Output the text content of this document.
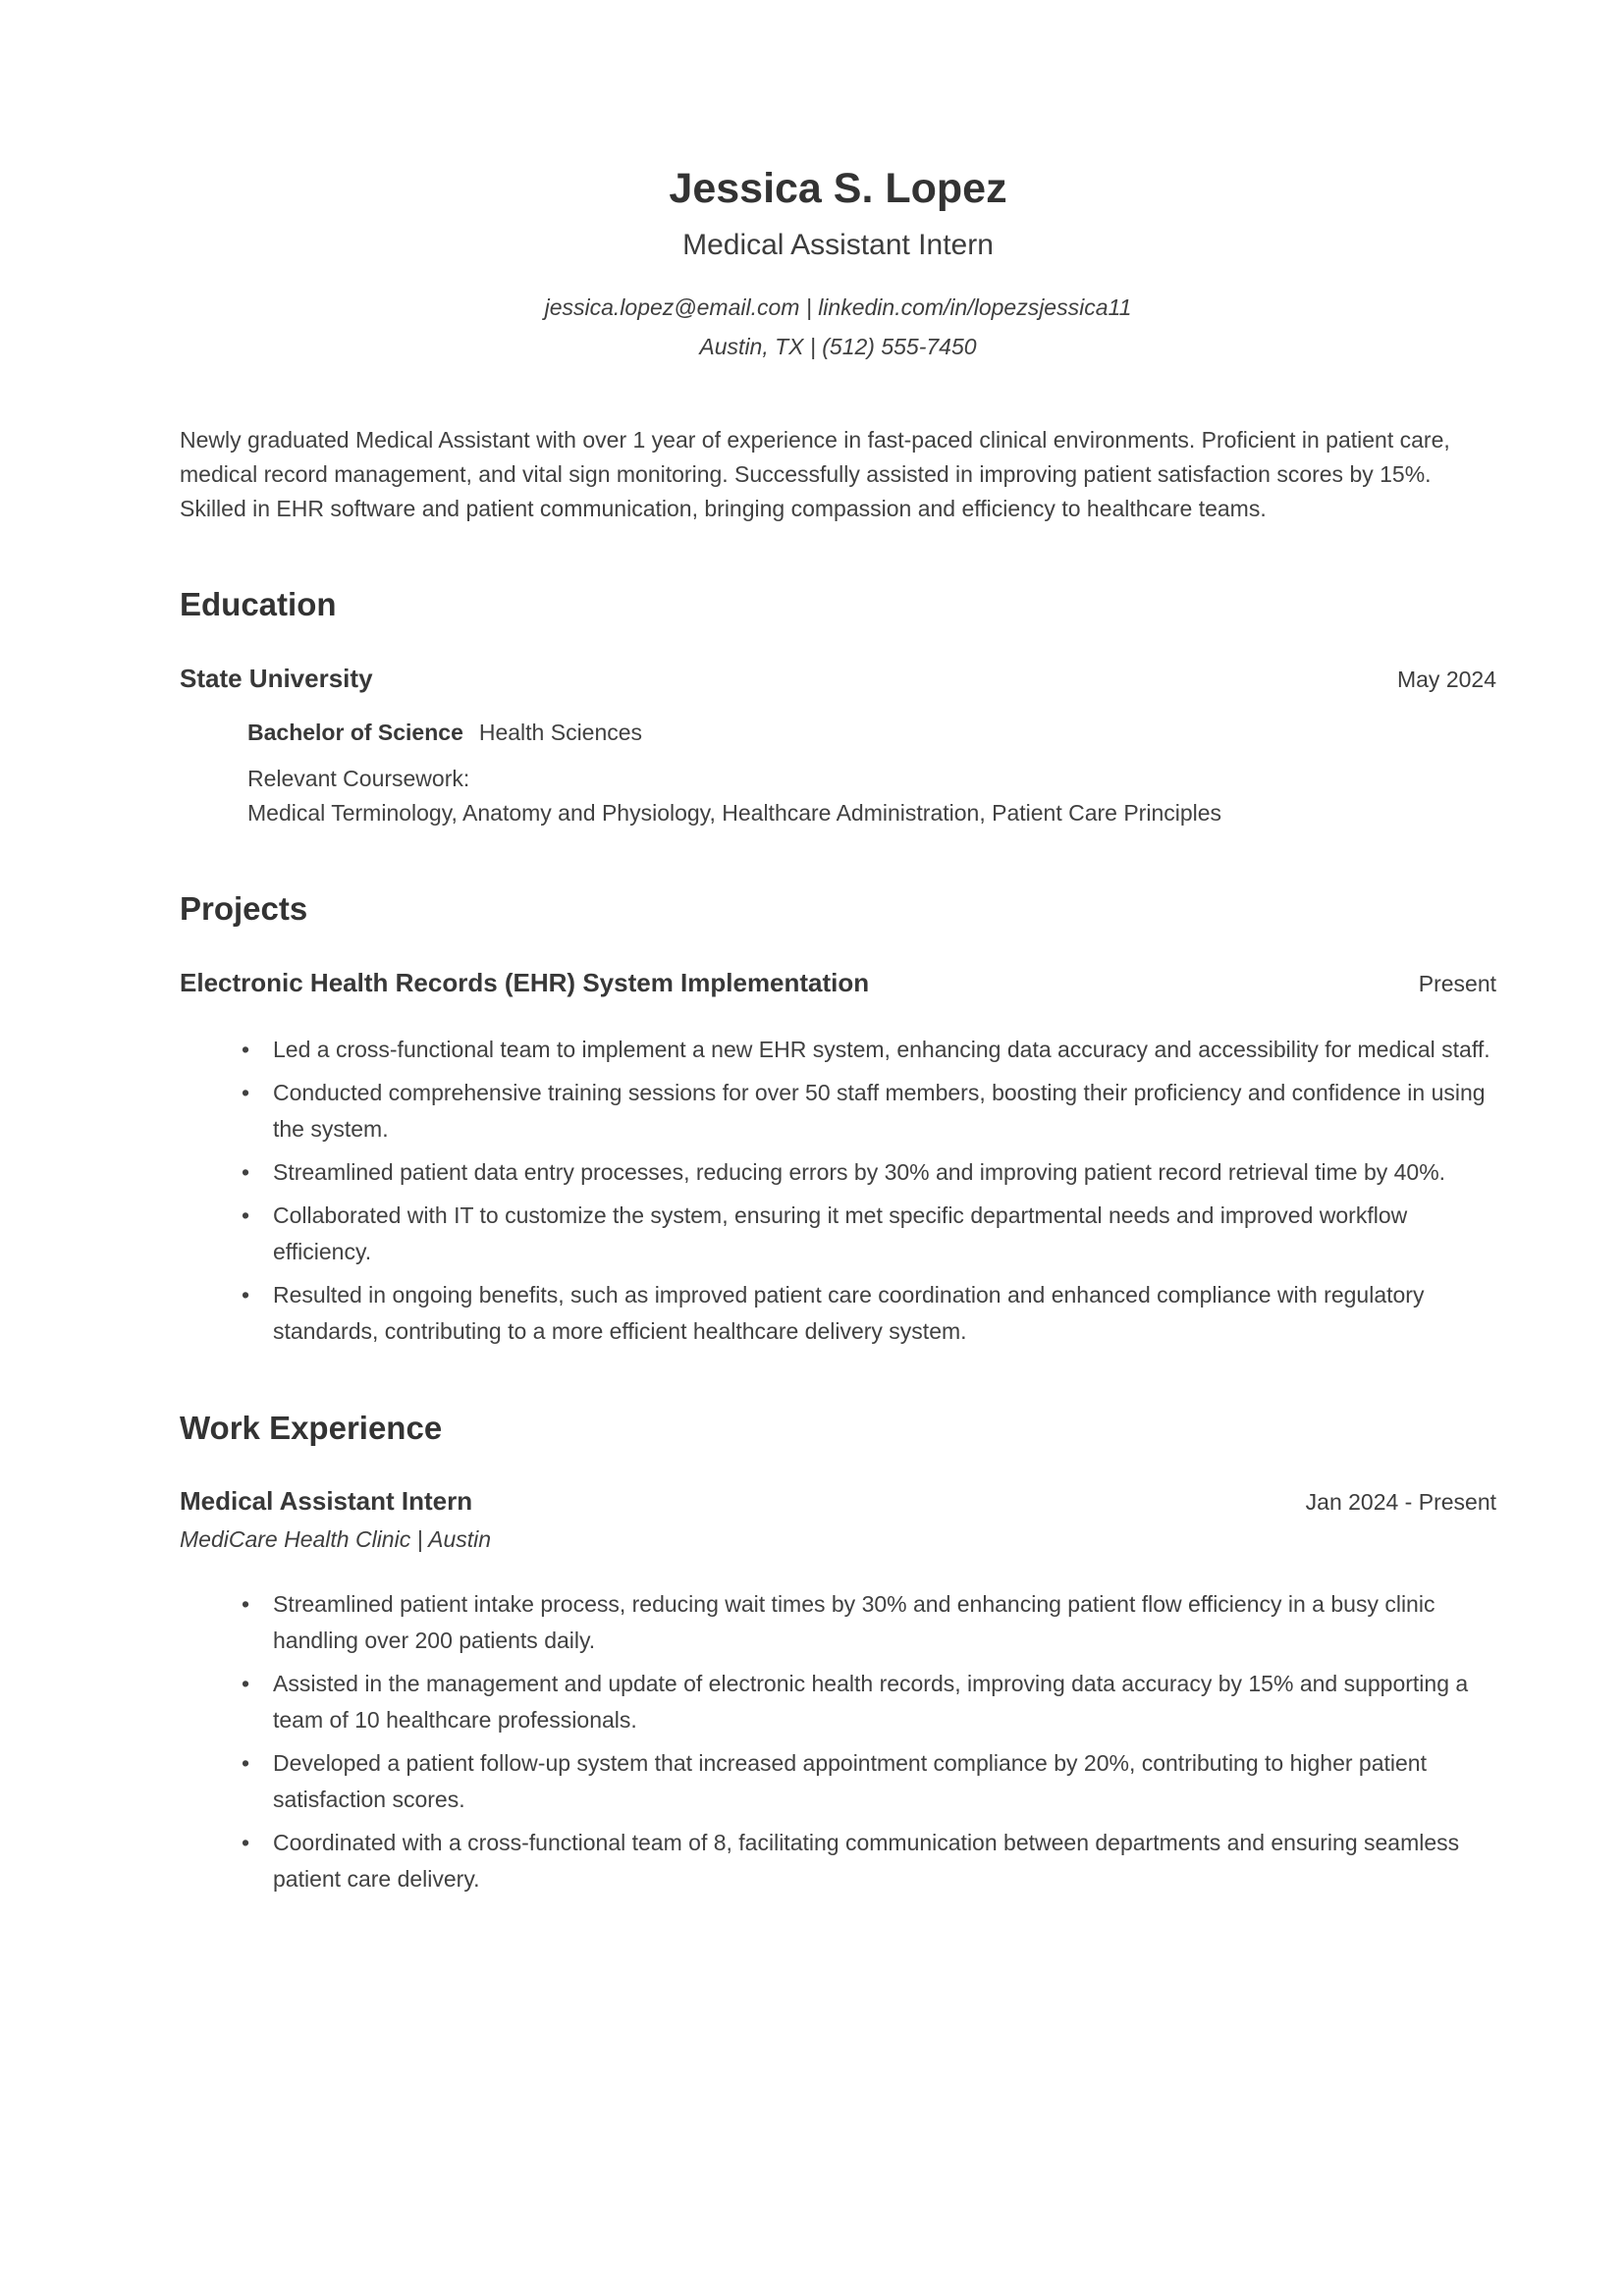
Jessica S. Lopez
Medical Assistant Intern
jessica.lopez@email.com | linkedin.com/in/lopezsjessica11
Austin, TX | (512) 555-7450

Newly graduated Medical Assistant with over 1 year of experience in fast-paced clinical environments. Proficient in patient care, medical record management, and vital sign monitoring. Successfully assisted in improving patient satisfaction scores by 15%. Skilled in EHR software and patient communication, bringing compassion and efficiency to healthcare teams.

Education
State University	May 2024
Bachelor of Science Health Sciences
Relevant Coursework:
Medical Terminology, Anatomy and Physiology, Healthcare Administration, Patient Care Principles
Projects
Electronic Health Records (EHR) System Implementation	Present
• Led a cross-functional team to implement a new EHR system, enhancing data accuracy and accessibility for medical staff.
• Conducted comprehensive training sessions for over 50 staff members, boosting their proficiency and confidence in using the system.
• Streamlined patient data entry processes, reducing errors by 30% and improving patient record retrieval time by 40%.
• Collaborated with IT to customize the system, ensuring it met specific departmental needs and improved workflow efficiency.
• Resulted in ongoing benefits, such as improved patient care coordination and enhanced compliance with regulatory standards, contributing to a more efficient healthcare delivery system.
Work Experience
Medical Assistant Intern	Jan 2024 - Present
MediCare Health Clinic | Austin
• Streamlined patient intake process, reducing wait times by 30% and enhancing patient flow efficiency in a busy clinic handling over 200 patients daily.
• Assisted in the management and update of electronic health records, improving data accuracy by 15% and supporting a team of 10 healthcare professionals.
• Developed a patient follow-up system that increased appointment compliance by 20%, contributing to higher patient satisfaction scores.
• Coordinated with a cross-functional team of 8, facilitating communication between departments and ensuring seamless patient care delivery.
